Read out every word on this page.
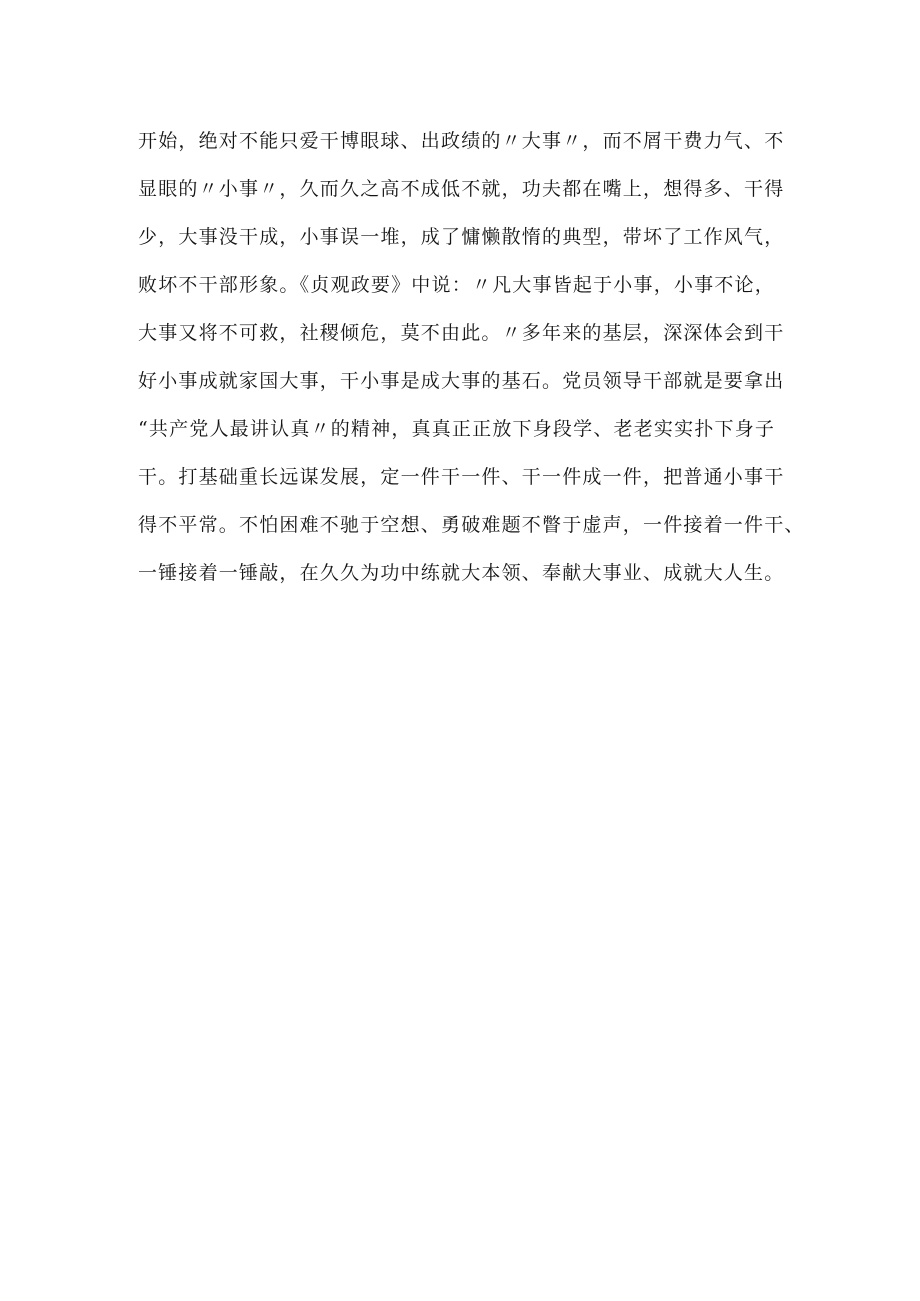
开始，绝对不能只爱干博眼球、出政绩的〃大事〃，而不屑干费力气、不
显眼的〃小事〃，久而久之高不成低不就，功夫都在嘴上，想得多、干得
少，大事没干成，小事误一堆，成了慵懒散惰的典型，带坏了工作风气，
败坏不干部形象。《贞观政要》中说：〃凡大事皆起于小事，小事不论，
大事又将不可救，社稷倾危，莫不由此。〃多年来的基层，深深体会到干
好小事成就家国大事，干小事是成大事的基石。党员领导干部就是要拿出
“共产党人最讲认真〃的精神，真真正正放下身段学、老老实实扑下身子
干。打基础重长远谋发展，定一件干一件、干一件成一件，把普通小事干
得不平常。不怕困难不驰于空想、勇破难题不瞥于虚声，一件接着一件干、
一锤接着一锤敲，在久久为功中练就大本领、奉献大事业、成就大人生。
